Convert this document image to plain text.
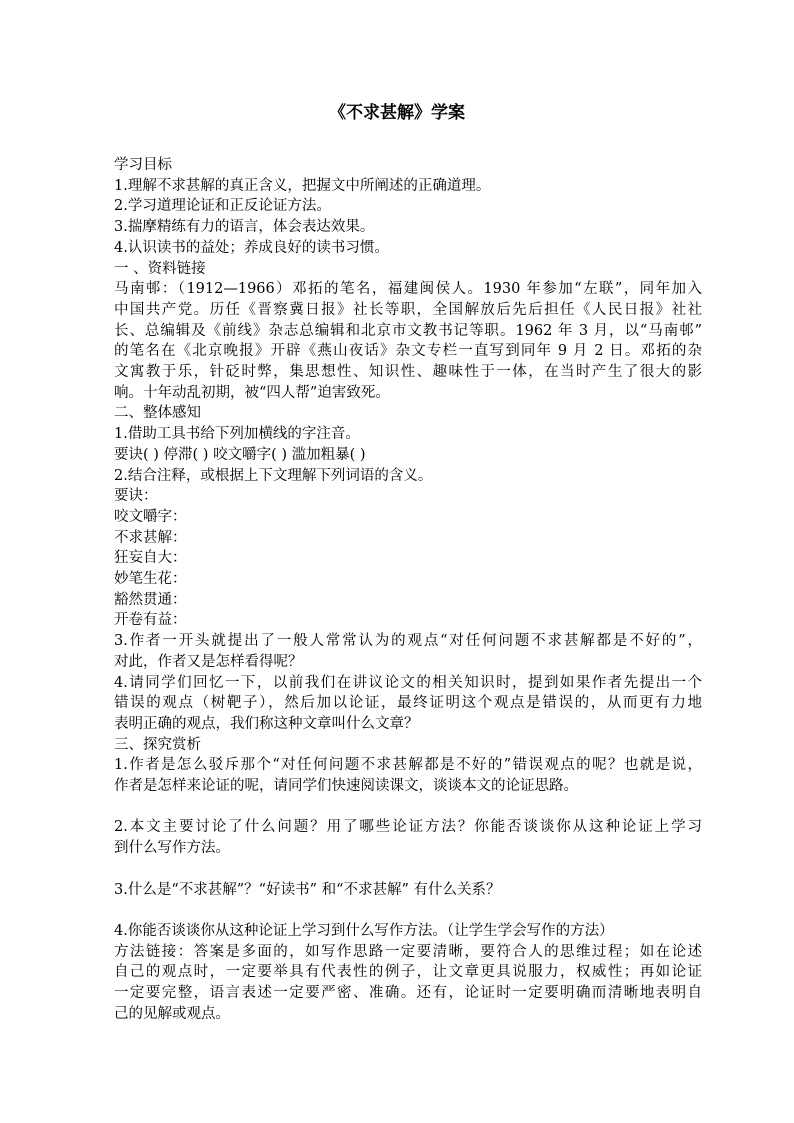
《不求甚解》学案

学习目标

1.理解不求甚解的真正含义，把握文中所阐述的正确道理。

2.学习道理论证和正反论证方法。

3.揣摩精练有力的语言，体会表达效果。

4.认识读书的益处；养成良好的读书习惯。

一 、资料链接

马南邨：（1912—1966）邓拓的笔名，福建闽侯人。1930 年参加“左联”，同年加入

中国共产党。历任《晋察冀日报》社长等职，全国解放后先后担任《人民日报》社社

长、总编辑及《前线》杂志总编辑和北京市文教书记等职。1962 年 3 月，以“马南邨”

的笔名在《北京晚报》开辟《燕山夜话》杂文专栏一直写到同年 9 月 2 日。邓拓的杂

文寓教于乐，针砭时弊，集思想性、知识性、趣味性于一体，在当时产生了很大的影

响。十年动乱初期，被“四人帮”迫害致死。

二、整体感知

1.借助工具书给下列加横线的字注音。

要诀( ) 停滞( ) 咬文嚼字( ) 滥加粗暴( )

2.结合注释，或根据上下文理解下列词语的含义。

要诀：

咬文嚼字：

不求甚解：

狂妄自大：

妙笔生花：

豁然贯通：

开卷有益：

3.作者一开头就提出了一般人常常认为的观点“对任何问题不求甚解都是不好的”，

对此，作者又是怎样看得呢？

4.请同学们回忆一下，以前我们在讲议论文的相关知识时，提到如果作者先提出一个

错误的观点（树靶子），然后加以论证，最终证明这个观点是错误的，从而更有力地

表明正确的观点，我们称这种文章叫什么文章？

三、探究赏析

1.作者是怎么驳斥那个“对任何问题不求甚解都是不好的”错误观点的呢？也就是说，

作者是怎样来论证的呢，请同学们快速阅读课文，谈谈本文的论证思路。

2.本文主要讨论了什么问题？用了哪些论证方法？你能否谈谈你从这种论证上学习

到什么写作方法。

3.什么是“不求甚解”？“好读书” 和“不求甚解” 有什么关系？

4.你能否谈谈你从这种论证上学习到什么写作方法。（让学生学会写作的方法）

方法链接：答案是多面的，如写作思路一定要清晰，要符合人的思维过程；如在论述

自己的观点时，一定要举具有代表性的例子，让文章更具说服力，权威性；再如论证

一定要完整，语言表述一定要严密、准确。还有，论证时一定要明确而清晰地表明自

己的见解或观点。
